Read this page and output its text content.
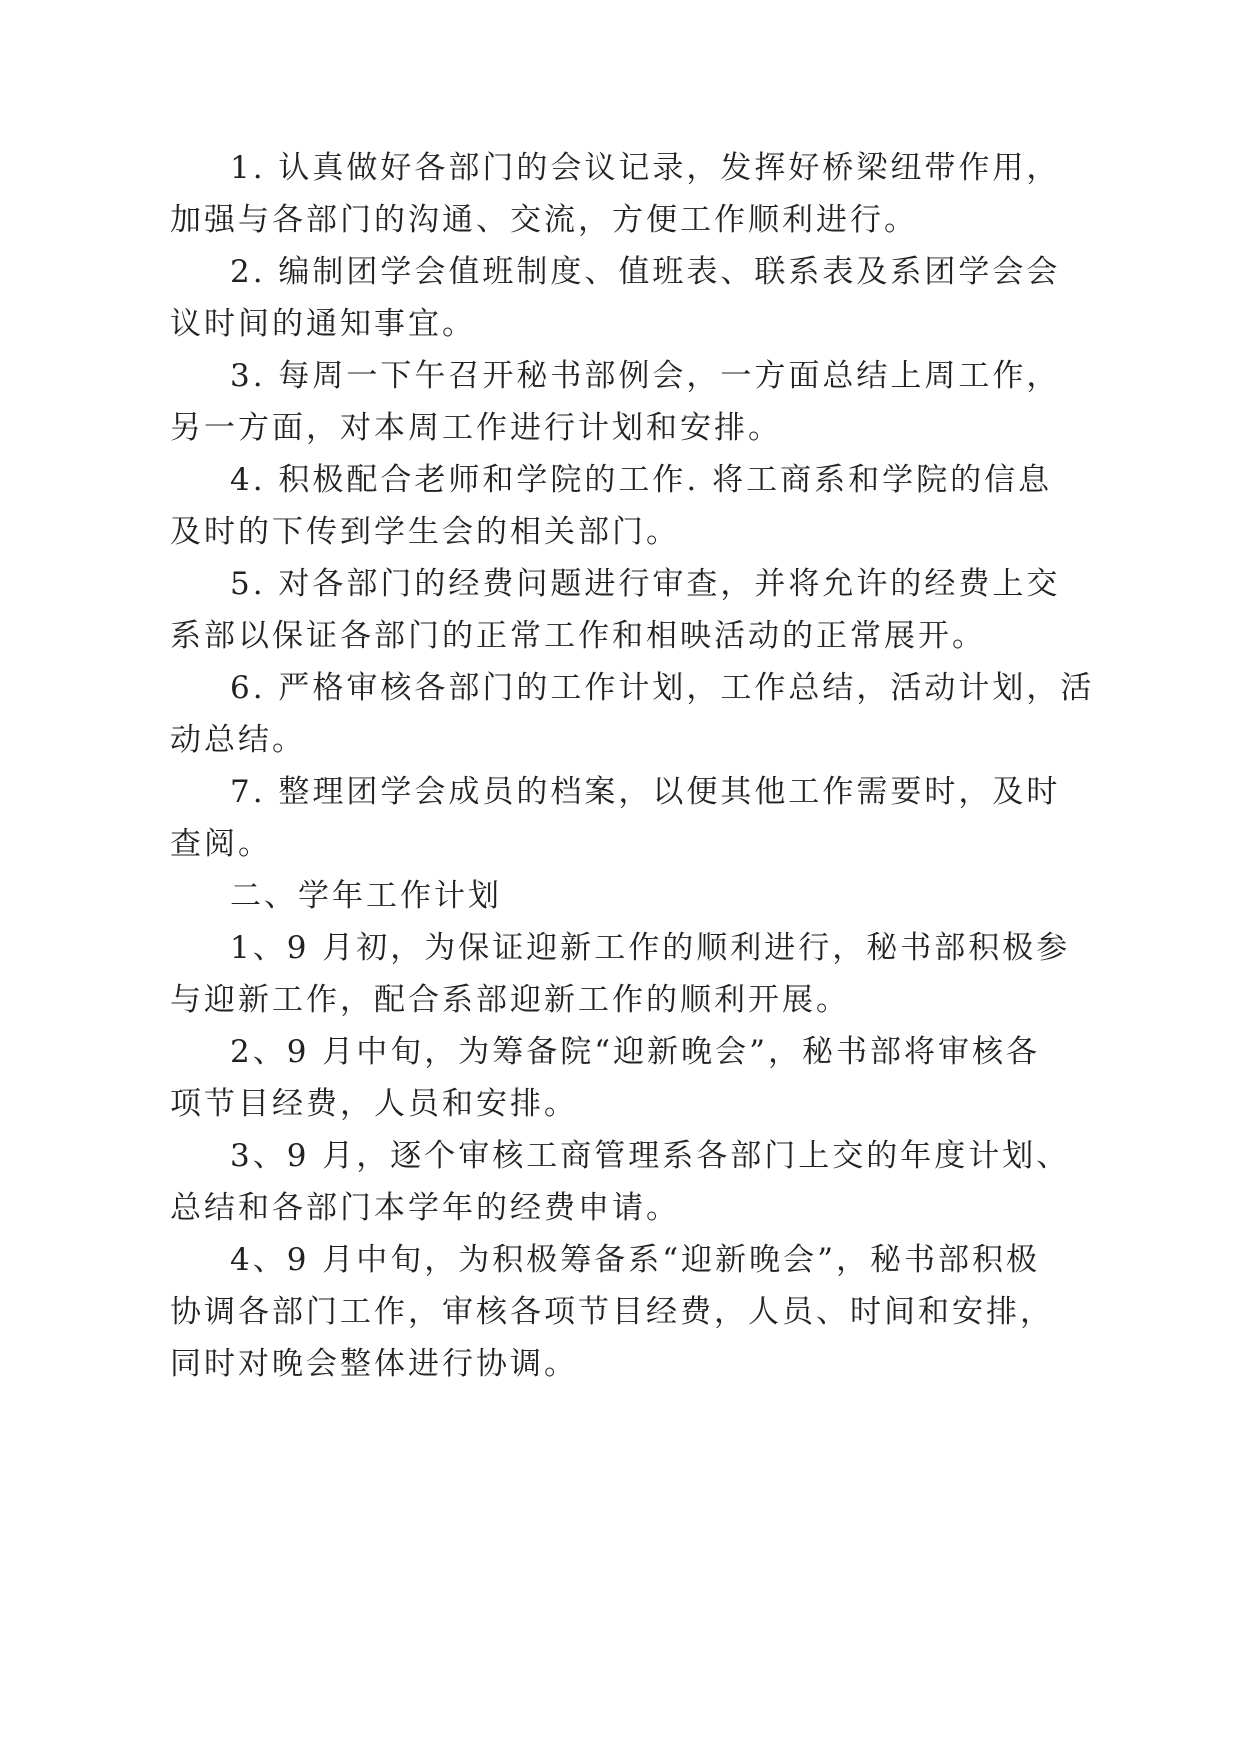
1. 认真做好各部门的会议记录，发挥好桥梁纽带作用，

加强与各部门的沟通、交流，方便工作顺利进行。

2. 编制团学会值班制度、值班表、联系表及系团学会会

议时间的通知事宜。

3. 每周一下午召开秘书部例会，一方面总结上周工作，

另一方面，对本周工作进行计划和安排。

4. 积极配合老师和学院的工作. 将工商系和学院的信息

及时的下传到学生会的相关部门。

5. 对各部门的经费问题进行审查，并将允许的经费上交

系部以保证各部门的正常工作和相映活动的正常展开。

6. 严格审核各部门的工作计划，工作总结，活动计划，活

动总结。

7. 整理团学会成员的档案，以便其他工作需要时，及时

查阅。

二、学年工作计划

1、9 月初，为保证迎新工作的顺利进行，秘书部积极参

与迎新工作，配合系部迎新工作的顺利开展。

2、9 月中旬，为筹备院“迎新晚会”，秘书部将审核各

项节目经费，人员和安排。

3、9 月，逐个审核工商管理系各部门上交的年度计划、

总结和各部门本学年的经费申请。

4、9 月中旬，为积极筹备系“迎新晚会”，秘书部积极

协调各部门工作，审核各项节目经费，人员、时间和安排，

同时对晚会整体进行协调。
